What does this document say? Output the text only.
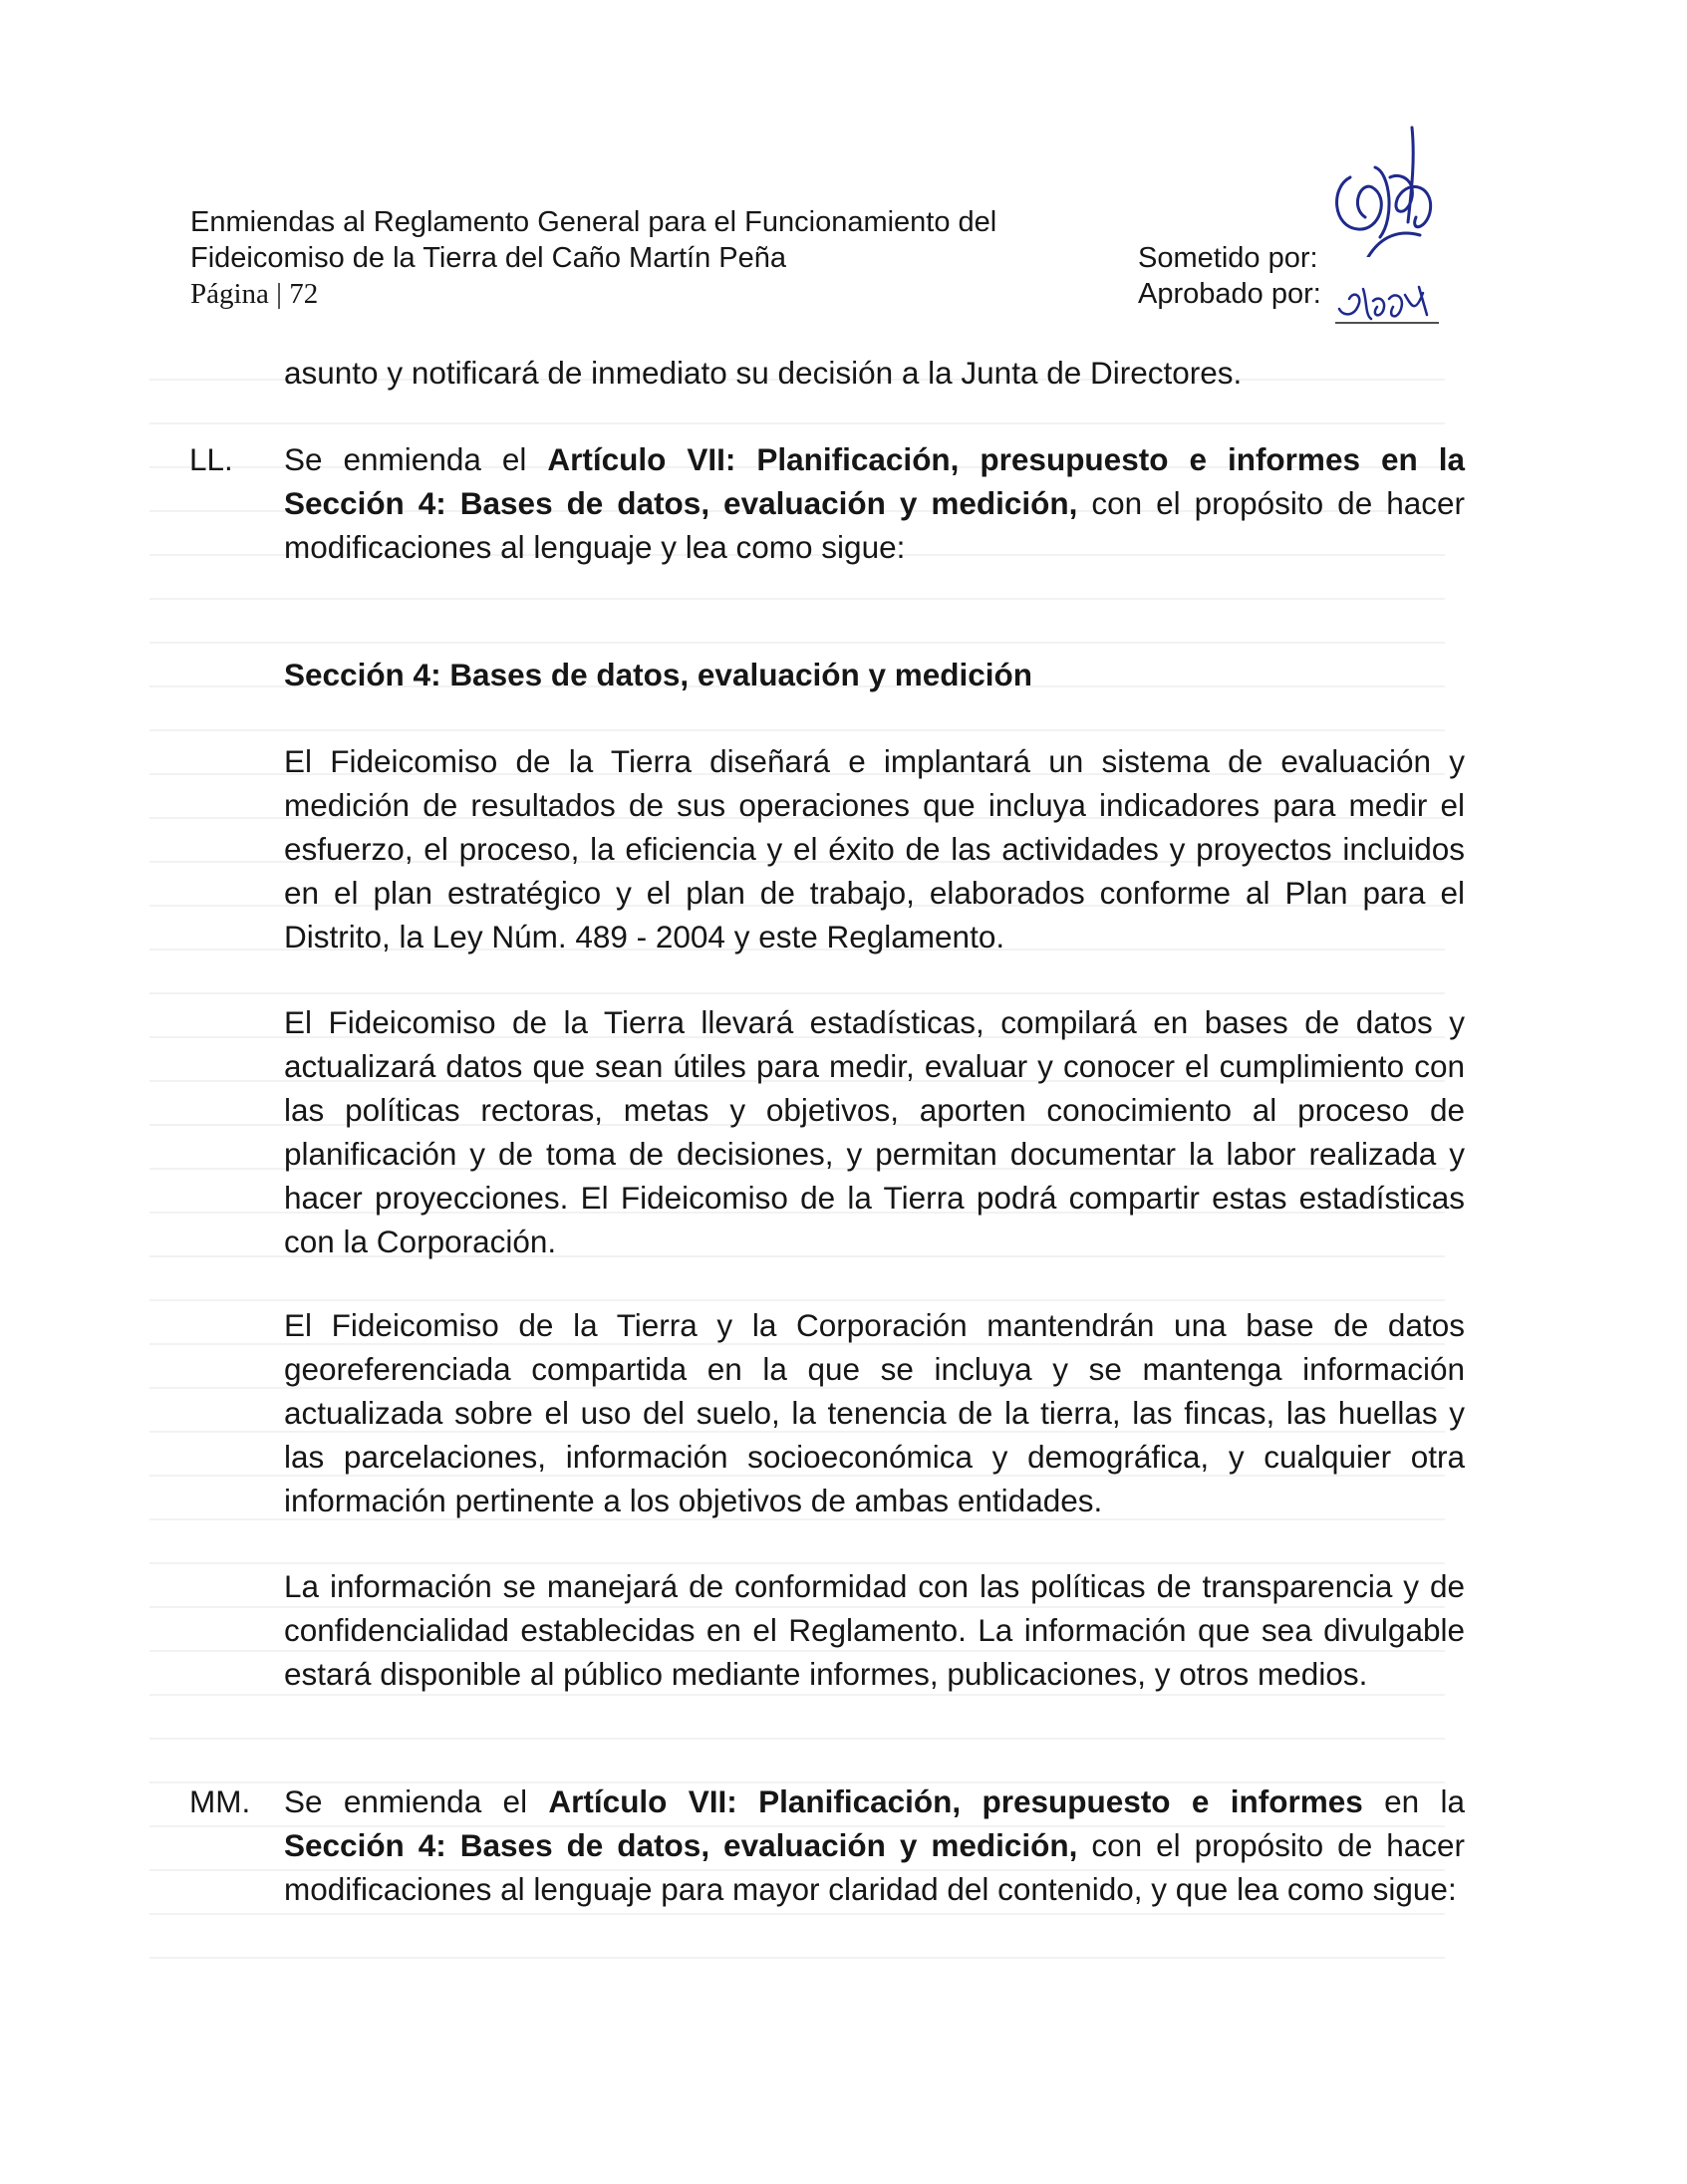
Enmiendas al Reglamento General para el Funcionamiento del
Fideicomiso de la Tierra del Caño Martín Peña
Página | 72
Sometido por:
Aprobado por:

asunto y notificará de inmediato su decisión a la Junta de Directores.

LL. Se enmienda el Artículo VII: Planificación, presupuesto e informes en la Sección 4: Bases de datos, evaluación y medición, con el propósito de hacer modificaciones al lenguaje y lea como sigue:

Sección 4: Bases de datos, evaluación y medición

El Fideicomiso de la Tierra diseñará e implantará un sistema de evaluación y medición de resultados de sus operaciones que incluya indicadores para medir el esfuerzo, el proceso, la eficiencia y el éxito de las actividades y proyectos incluidos en el plan estratégico y el plan de trabajo, elaborados conforme al Plan para el Distrito, la Ley Núm. 489 - 2004 y este Reglamento.

El Fideicomiso de la Tierra llevará estadísticas, compilará en bases de datos y actualizará datos que sean útiles para medir, evaluar y conocer el cumplimiento con las políticas rectoras, metas y objetivos, aporten conocimiento al proceso de planificación y de toma de decisiones, y permitan documentar la labor realizada y hacer proyecciones. El Fideicomiso de la Tierra podrá compartir estas estadísticas con la Corporación.

El Fideicomiso de la Tierra y la Corporación mantendrán una base de datos georeferenciada compartida en la que se incluya y se mantenga información actualizada sobre el uso del suelo, la tenencia de la tierra, las fincas, las huellas y las parcelaciones, información socioeconómica y demográfica, y cualquier otra información pertinente a los objetivos de ambas entidades.

La información se manejará de conformidad con las políticas de transparencia y de confidencialidad establecidas en el Reglamento. La información que sea divulgable estará disponible al público mediante informes, publicaciones, y otros medios.

MM. Se enmienda el Artículo VII: Planificación, presupuesto e informes en la Sección 4: Bases de datos, evaluación y medición, con el propósito de hacer modificaciones al lenguaje para mayor claridad del contenido, y que lea como sigue:
